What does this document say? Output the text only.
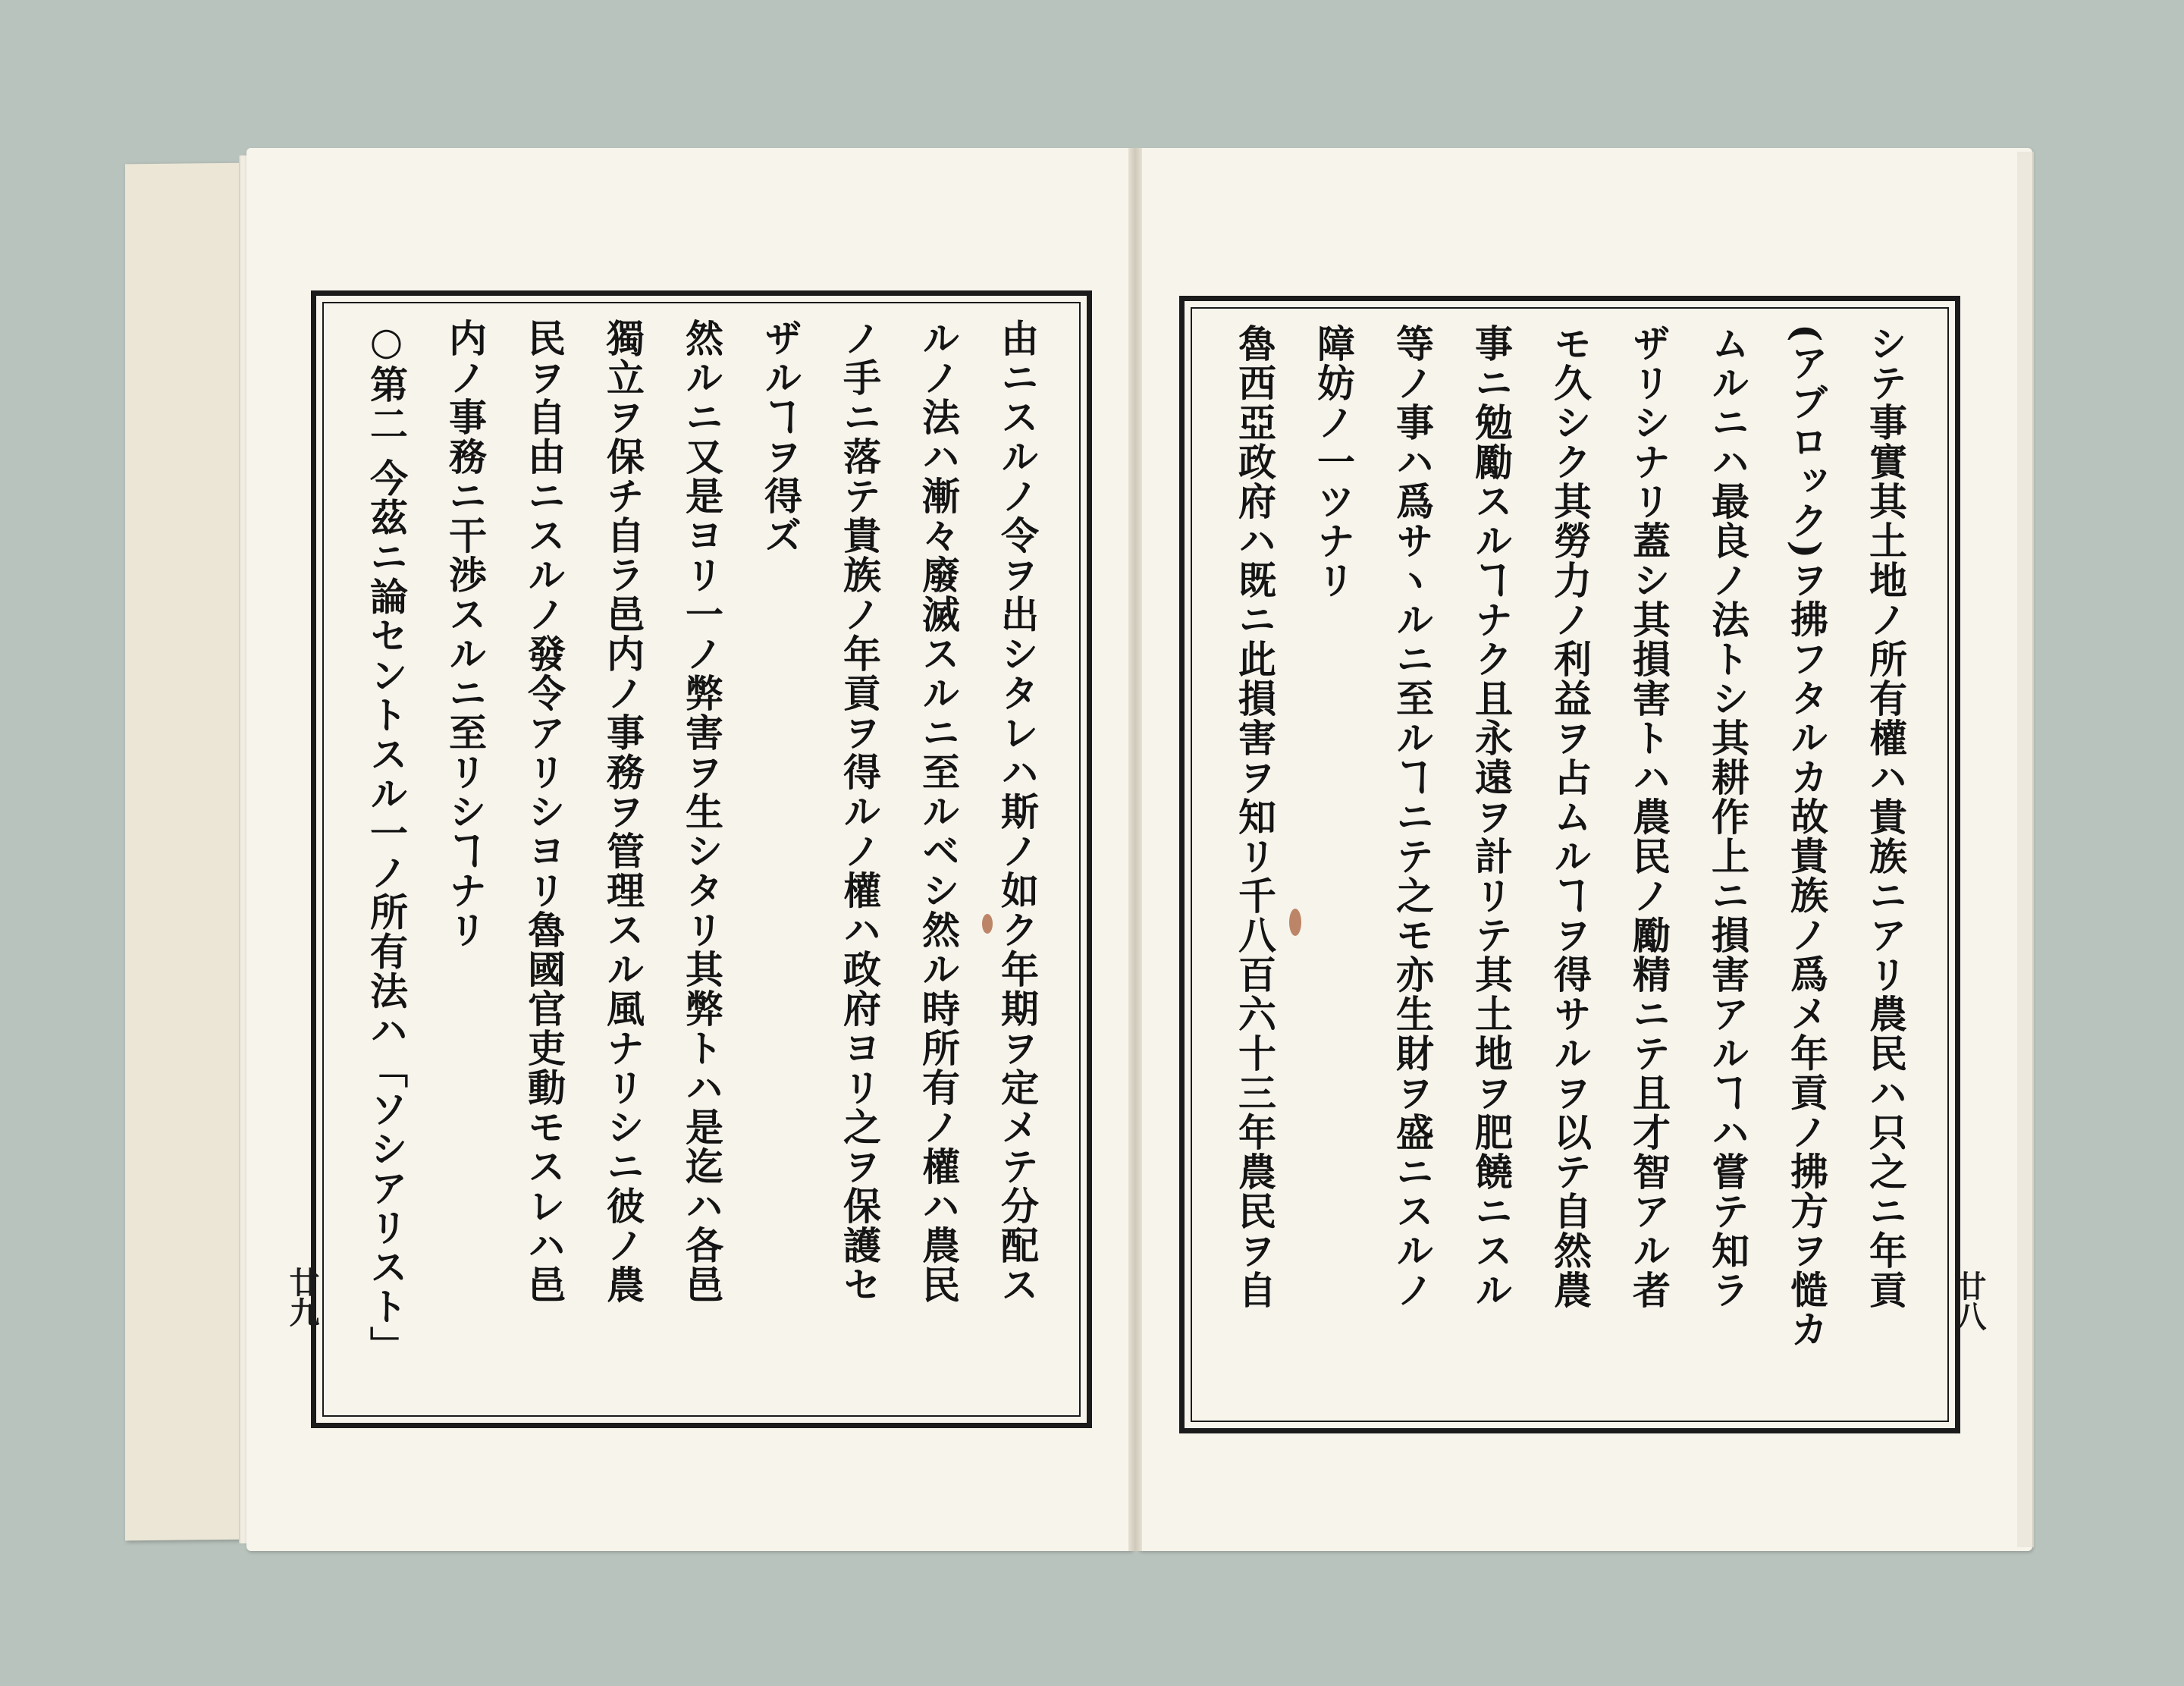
由ニスルノ令ヲ出シタレハ斯ノ如ク年期ヲ定メテ分配ス
ルノ法ハ漸々廢滅スルニ至ルベシ然ル時所有ノ權ハ農民
ノ手ニ落テ貴族ノ年貢ヲ得ルノ權ハ政府ヨリ之ヲ保護セ
ザルヿヲ得ズ
然ルニ又是ヨリ一ノ弊害ヲ生シタリ其弊トハ是迄ハ各邑
獨立ヲ保チ自ラ邑内ノ事務ヲ管理スル風ナリシニ彼ノ農
民ヲ自由ニスルノ發令アリシヨリ魯國官吏動モスレハ邑
内ノ事務ニ干渉スルニ至リシヿナリ
○第二 今茲ニ論セントスル一ノ所有法ハ「ソシアリスト」	シテ事實其土地ノ所有權ハ貴族ニアリ農民ハ只之ニ年貢
(アブロック)ヲ拂フタルカ故貴族ノ爲メ年貢ノ拂方ヲ慥カ
ムルニハ最良ノ法トシ其耕作上ニ損害アルヿハ嘗テ知ラ
ザリシナリ蓋シ其損害トハ農民ノ勵精ニテ且才智アル者
モ久シク其勞力ノ利益ヲ占ムルヿヲ得サルヲ以テ自然農
事ニ勉勵スルヿナク且永遠ヲ計リテ其土地ヲ肥饒ニスル
等ノ事ハ爲サヽルニ至ルヿニテ之モ亦生財ヲ盛ニスルノ
障妨ノ一ツナリ
魯西亞政府ハ既ニ此損害ヲ知リ千八百六十三年農民ヲ自
廿九	廿八
